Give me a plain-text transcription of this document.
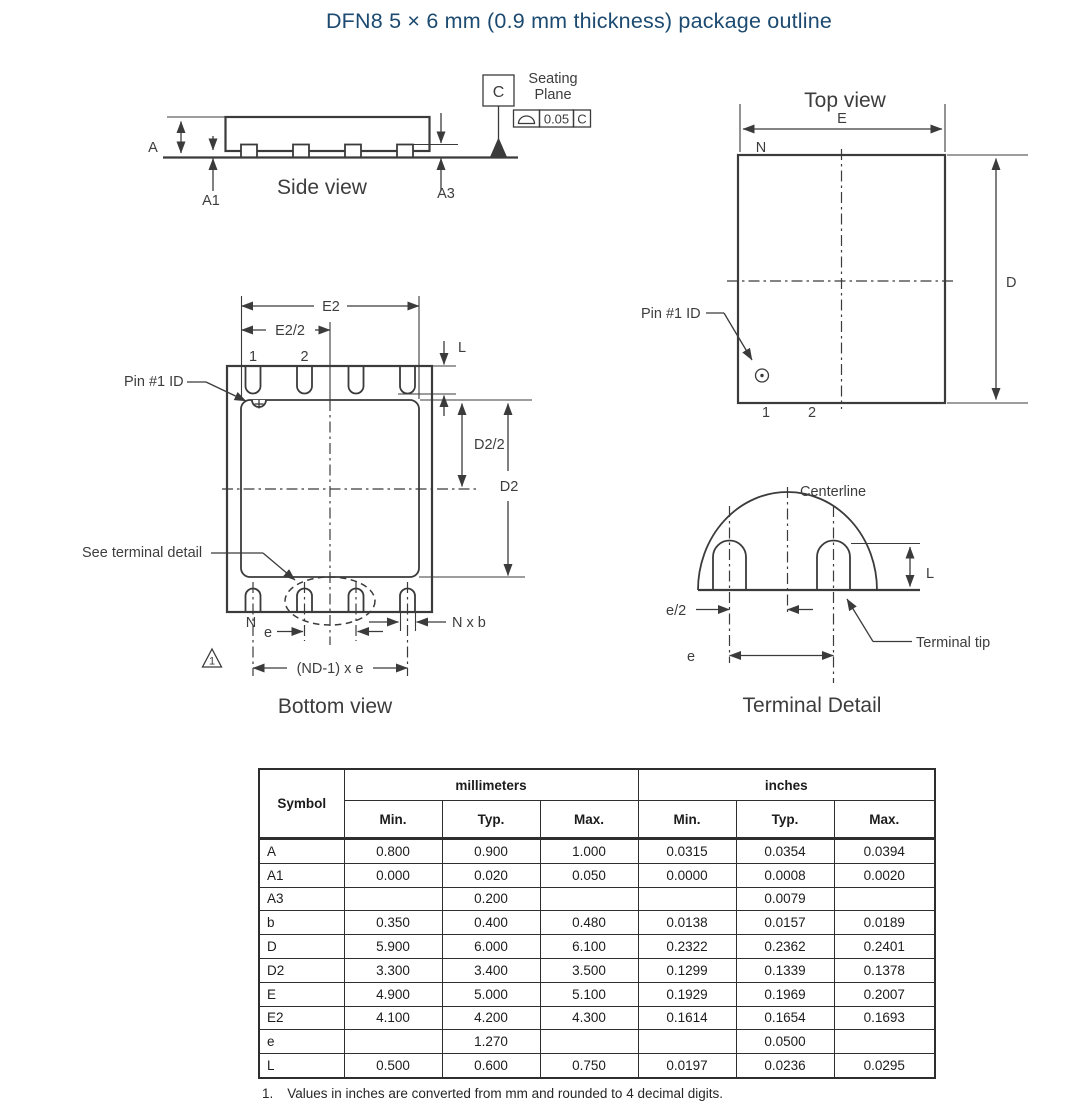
DFN8 5 × 6 mm (0.9 mm thickness) package outline
A
A1	A3
Side view
C
Seating
Plane
0.05 C
Top view
E
N
D
Pin #1 ID
1	2
E2
E2/2
1	2
L
D2/2
D2
Pin #1 ID
See terminal detail
N
e
N x b
(ND-1) x e
1
Bottom view
Centerline
L
e/2
e
Terminal tip
Terminal Detail
Symbol	millimeters			inches		
	Min.	Typ.	Max.	Min.	Typ.	Max.
A	0.800	0.900	1.000	0.0315	0.0354	0.0394
A1	0.000	0.020	0.050	0.0000	0.0008	0.0020
A3		0.200			0.0079	
b	0.350	0.400	0.480	0.0138	0.0157	0.0189
D	5.900	6.000	6.100	0.2322	0.2362	0.2401
D2	3.300	3.400	3.500	0.1299	0.1339	0.1378
E	4.900	5.000	5.100	0.1929	0.1969	0.2007
E2	4.100	4.200	4.300	0.1614	0.1654	0.1693
e		1.270			0.0500	
L	0.500	0.600	0.750	0.0197	0.0236	0.0295
1. Values in inches are converted from mm and rounded to 4 decimal digits.
